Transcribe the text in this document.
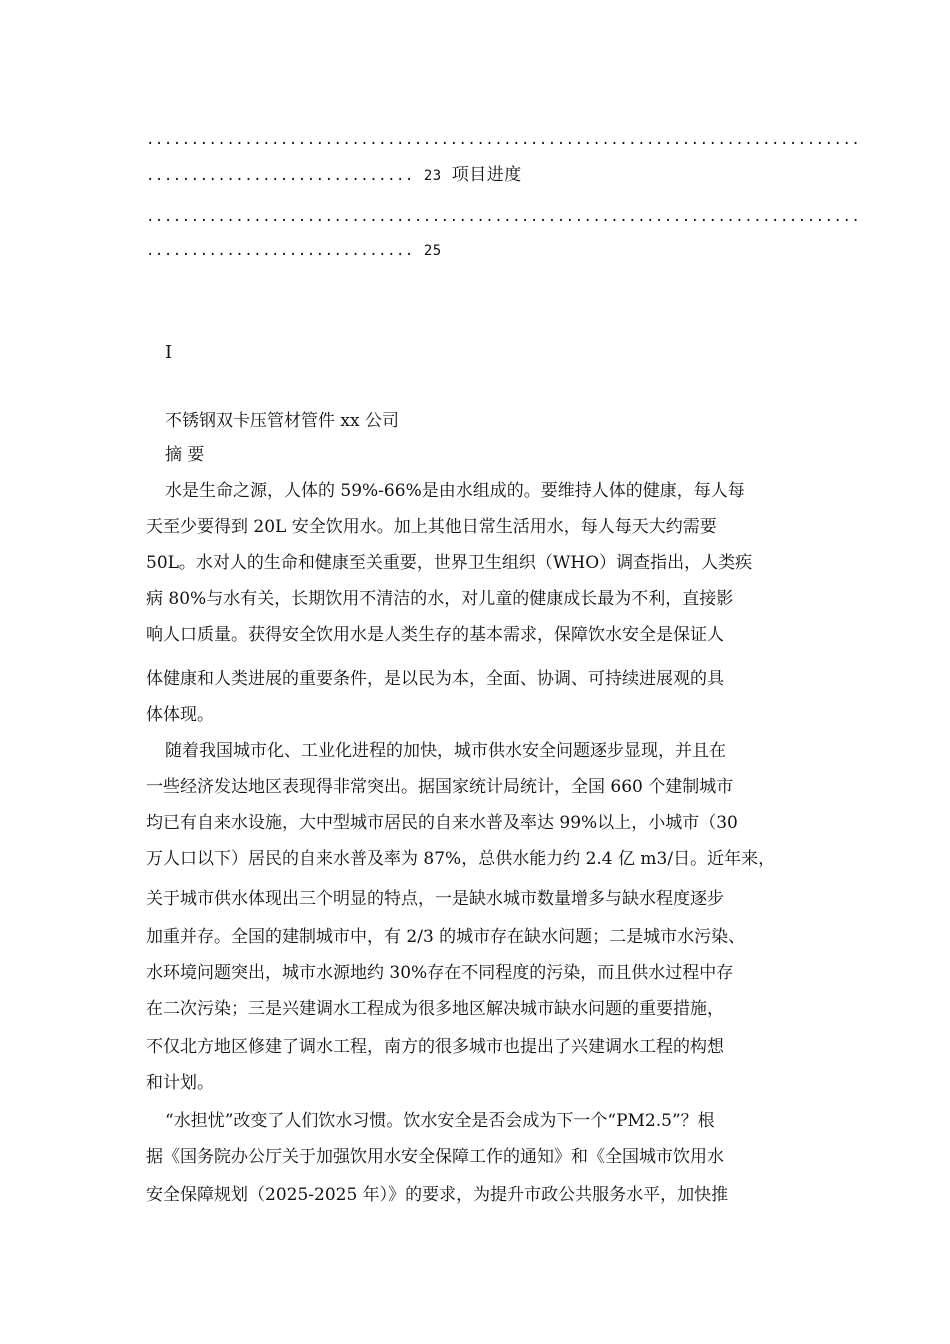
................................................................................
.............................. 23 项目进度
................................................................................
.............................. 25
I
不锈钢双卡压管材管件 xx 公司
摘 要
水是生命之源，人体的 59%-66%是由水组成的。要维持人体的健康，每人每
天至少要得到 20L 安全饮用水。加上其他日常生活用水，每人每天大约需要
50L。水对人的生命和健康至关重要，世界卫生组织（WHO）调查指出，人类疾
病 80%与水有关，长期饮用不清洁的水，对儿童的健康成长最为不利，直接影
响人口质量。获得安全饮用水是人类生存的基本需求，保障饮水安全是保证人
体健康和人类进展的重要条件，是以民为本，全面、协调、可持续进展观的具
体体现。
随着我国城市化、工业化进程的加快，城市供水安全问题逐步显现，并且在
一些经济发达地区表现得非常突出。据国家统计局统计，全国 660 个建制城市
均已有自来水设施，大中型城市居民的自来水普及率达 99%以上，小城市（30
万人口以下）居民的自来水普及率为 87%，总供水能力约 2.4 亿 m3/日。近年来，
关于城市供水体现出三个明显的特点，一是缺水城市数量增多与缺水程度逐步
加重并存。全国的建制城市中，有 2/3 的城市存在缺水问题；二是城市水污染、
水环境问题突出，城市水源地约 30%存在不同程度的污染，而且供水过程中存
在二次污染；三是兴建调水工程成为很多地区解决城市缺水问题的重要措施，
不仅北方地区修建了调水工程，南方的很多城市也提出了兴建调水工程的构想
和计划。
“水担忧”改变了人们饮水习惯。饮水安全是否会成为下一个“PM2.5”？根
据《国务院办公厅关于加强饮用水安全保障工作的通知》和《全国城市饮用水
安全保障规划（2025-2025 年）》的要求，为提升市政公共服务水平，加快推
